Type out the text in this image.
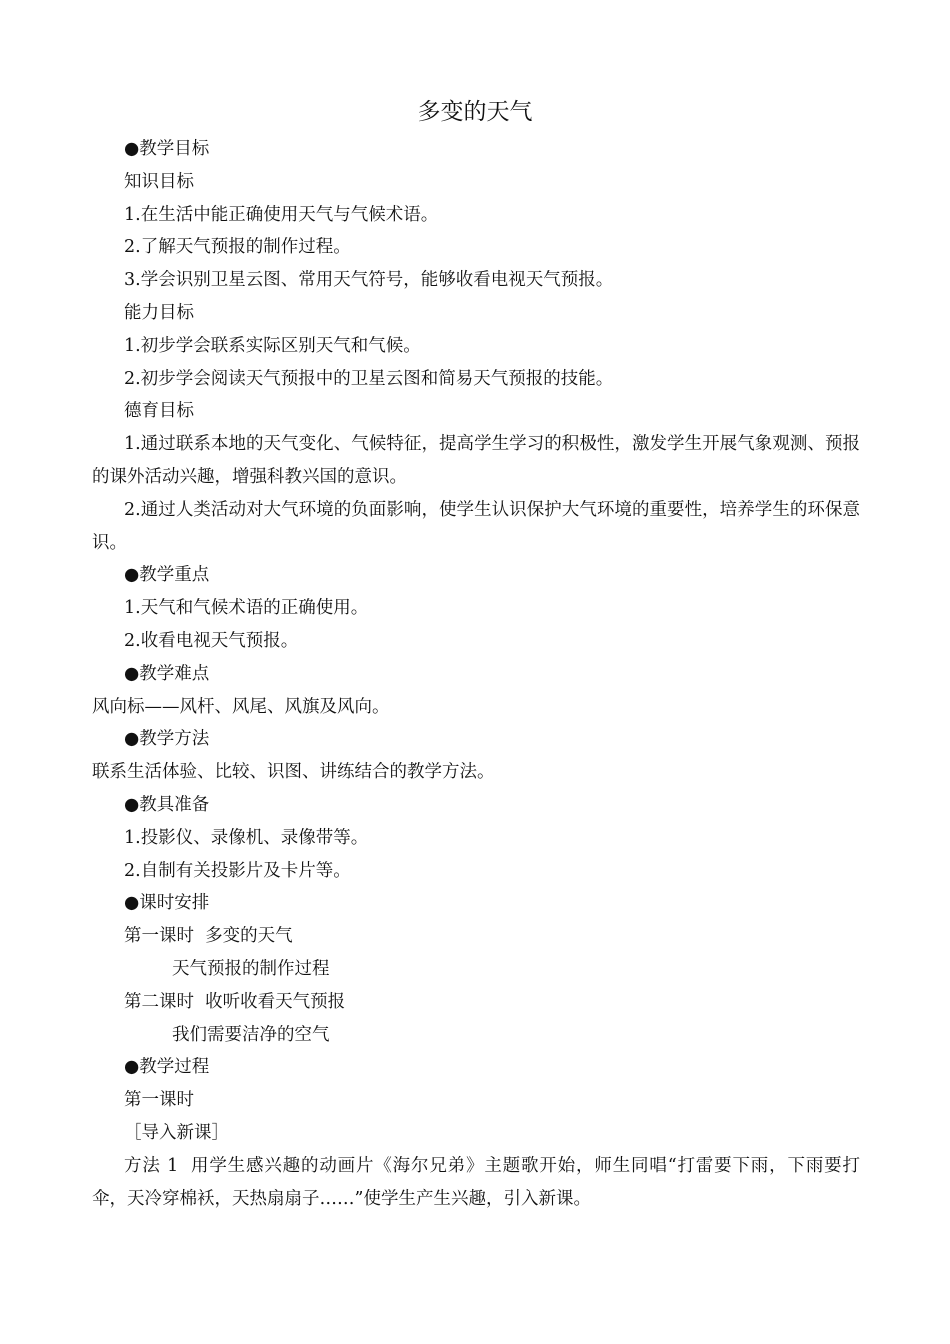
多变的天气

●教学目标

知识目标

1.在生活中能正确使用天气与气候术语。

2.了解天气预报的制作过程。

3.学会识别卫星云图、常用天气符号，能够收看电视天气预报。

能力目标

1.初步学会联系实际区别天气和气候。

2.初步学会阅读天气预报中的卫星云图和简易天气预报的技能。

德育目标

1.通过联系本地的天气变化、气候特征，提高学生学习的积极性，激发学生开展气象观测、预报的课外活动兴趣，增强科教兴国的意识。

2.通过人类活动对大气环境的负面影响，使学生认识保护大气环境的重要性，培养学生的环保意识。

●教学重点

1.天气和气候术语的正确使用。

2.收看电视天气预报。

●教学难点

风向标——风杆、风尾、风旗及风向。

●教学方法

联系生活体验、比较、识图、讲练结合的教学方法。

●教具准备

1.投影仪、录像机、录像带等。

2.自制有关投影片及卡片等。

●课时安排

第一课时  多变的天气

天气预报的制作过程

第二课时  收听收看天气预报

我们需要洁净的空气

●教学过程

第一课时

［导入新课］

方法 1  用学生感兴趣的动画片《海尔兄弟》主题歌开始，师生同唱“打雷要下雨，下雨要打伞，天冷穿棉袄，天热扇扇子……”使学生产生兴趣，引入新课。
